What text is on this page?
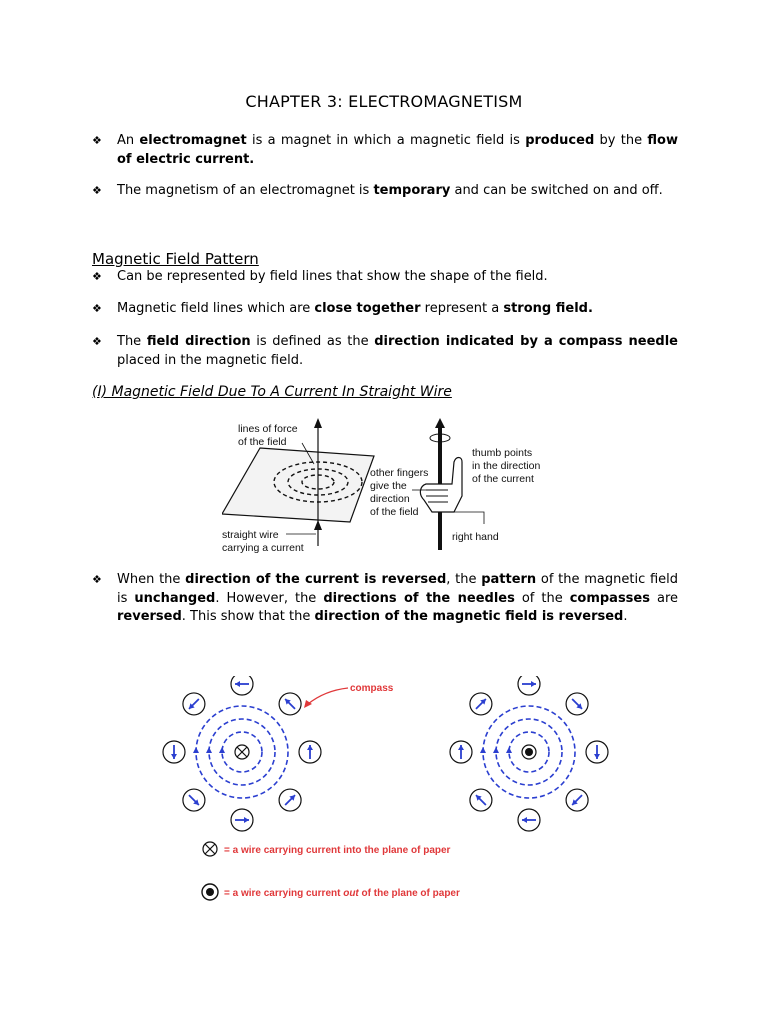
CHAPTER 3: ELECTROMAGNETISM
❖ An electromagnet is a magnet in which a magnetic field is produced by the flow of electric current.
❖ The magnetism of an electromagnet is temporary and can be switched on and off.
Magnetic Field Pattern
❖ Can be represented by field lines that show the shape of the field.
❖ Magnetic field lines which are close together represent a strong field.
❖ The field direction is defined as the direction indicated by a compass needle placed in the magnetic field.
(I) Magnetic Field Due To A Current In Straight Wire
lines of force
of the field
straight wire
carrying a current
other fingers
give the
direction
of the field
thumb points
in the direction
of the current
right hand
❖ When the direction of the current is reversed, the pattern of the magnetic field is unchanged. However, the directions of the needles of the compasses are reversed. This show that the direction of the magnetic field is reversed.
compass
= a wire carrying current into the plane of paper
= a wire carrying current out of the plane of paper
